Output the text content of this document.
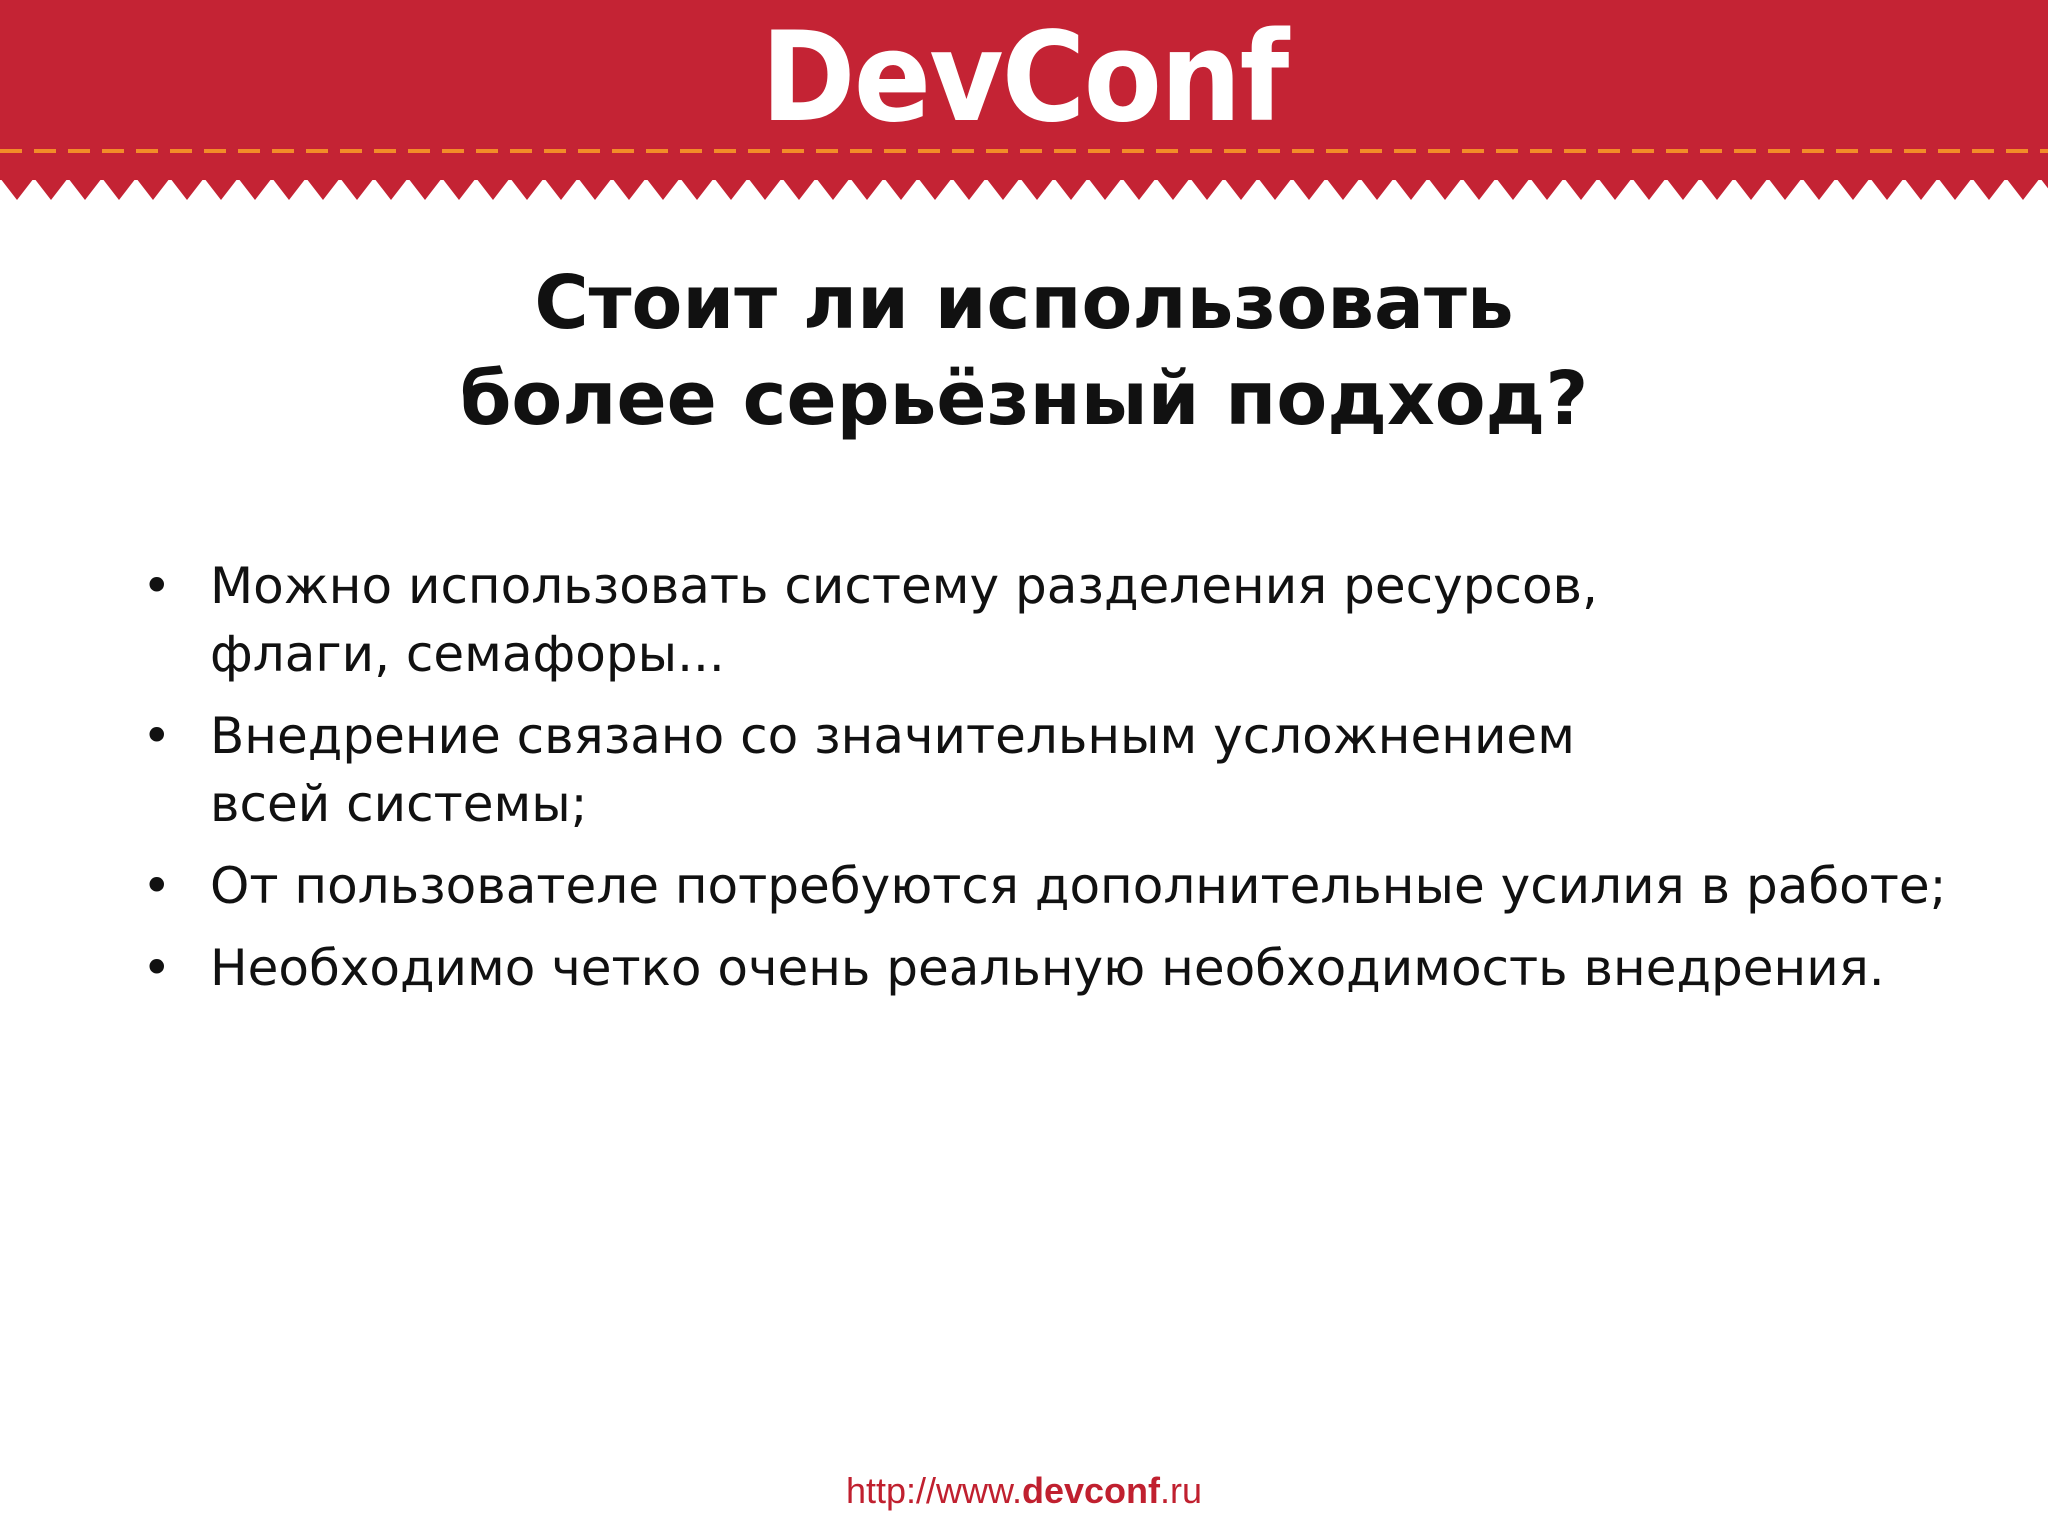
DevConf
Стоит ли использовать
более серьёзный подход?
• Можно использовать систему разделения ресурсов,
флаги, семафоры...
• Внедрение связано со значительным усложнением
всей системы;
• От пользователе потребуются дополнительные усилия в работе;
• Необходимо четко очень реальную необходимость внедрения.
http://www.devconf.ru
